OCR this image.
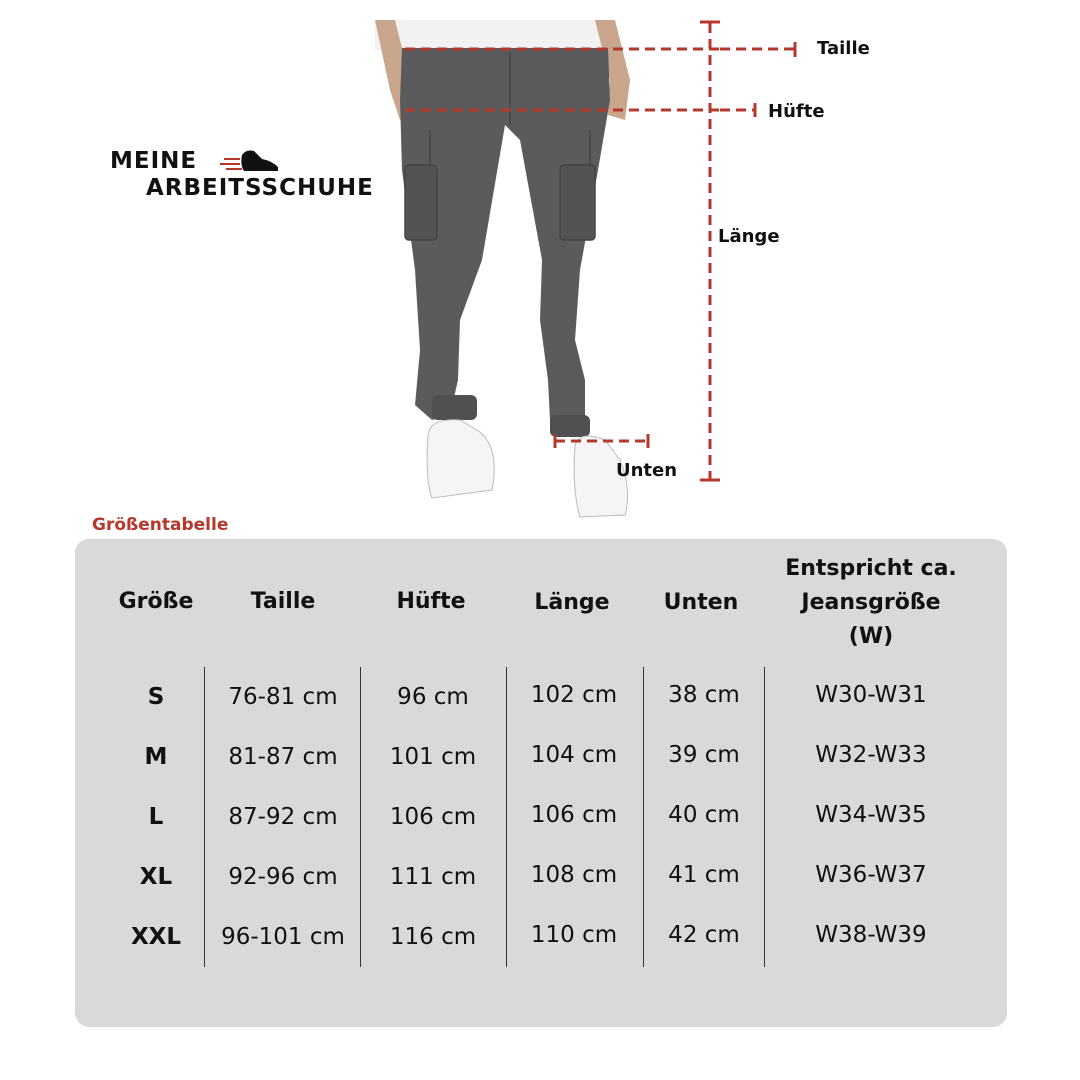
Taille
Hüfte
Länge
Unten
MEINE
ARBEITSSCHUHE
Größentabelle
Größe	Taille	Hüfte	Länge Unten
Entspricht ca.
Jeansgröße
(W)
S	76-81 cm	96 cm	102 cm 38 cm	W30-W31
M	81-87 cm 101 cm 104 cm 39 cm	W32-W33
L	87-92 cm 106 cm 106 cm 40 cm	W34-W35
XL 92-96 cm 111 cm 108 cm 41 cm	W36-W37
XXL 96-101 cm 116 cm 110 cm 42 cm	W38-W39
